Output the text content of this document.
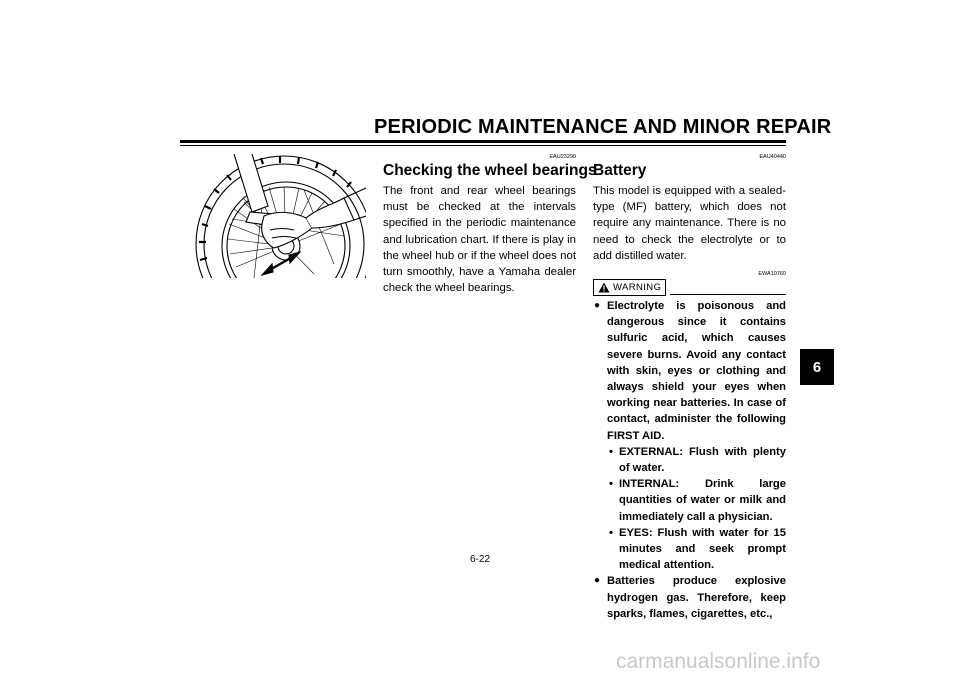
PERIODIC MAINTENANCE AND MINOR REPAIR
6
EAU23290
Checking the wheel bearings
The front and rear wheel bearings must be checked at the intervals specified in the periodic maintenance and lubrication chart. If there is play in the wheel hub or if the wheel does not turn smoothly, have a Yamaha dealer check the wheel bearings.
EAU40440
Battery
This model is equipped with a sealed-type (MF) battery, which does not require any maintenance. There is no need to check the electrolyte or to add distilled water.
EWA10760
WARNING
● Electrolyte is poisonous and dangerous since it contains sulfuric acid, which causes severe burns. Avoid any contact with skin, eyes or clothing and always shield your eyes when working near batteries. In case of contact, administer the following FIRST AID.
• EXTERNAL: Flush with plenty of water.
• INTERNAL: Drink large quantities of water or milk and immediately call a physician.
• EYES: Flush with water for 15 minutes and seek prompt medical attention.
● Batteries produce explosive hydrogen gas. Therefore, keep sparks, flames, cigarettes, etc.,
6-22
carmanualsonline.info
